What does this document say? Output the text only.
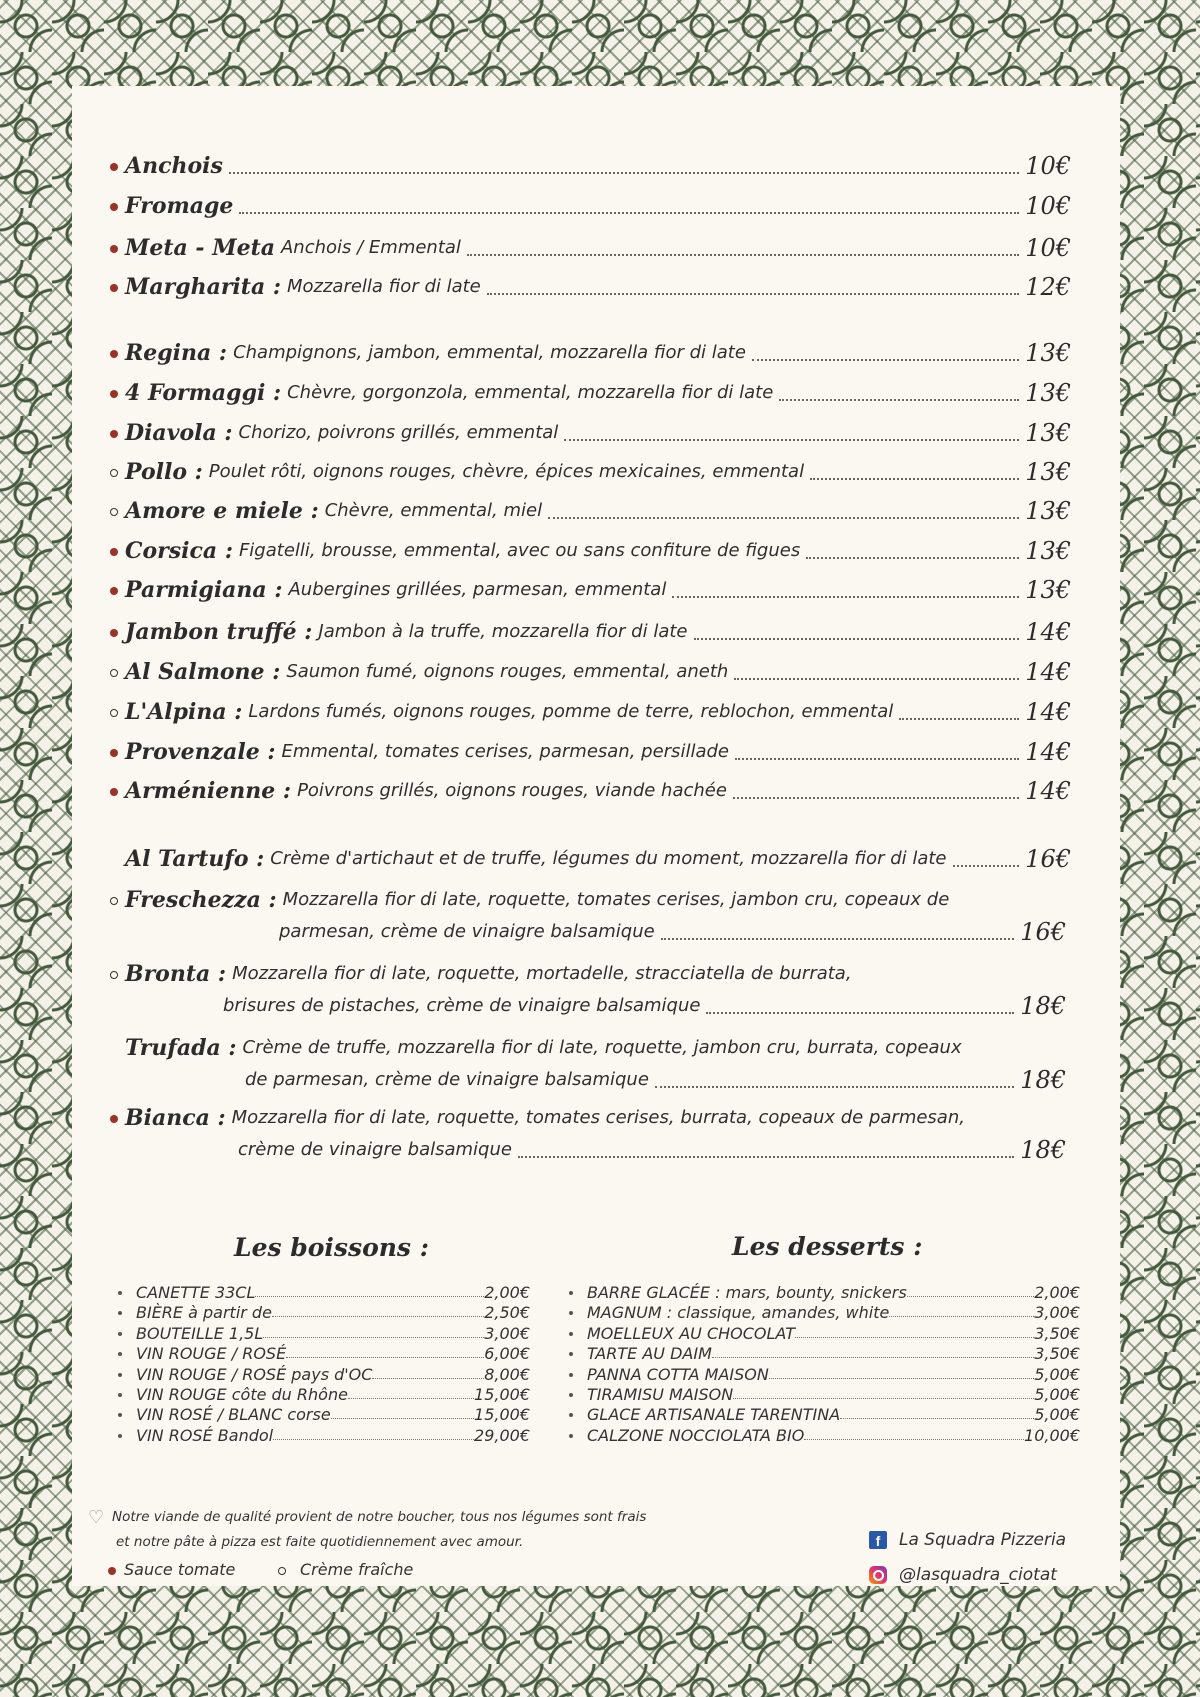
Les boissons :	Les desserts :
CANETTE 33CL	2,00€
BIÈRE à partir de	2,50€
BOUTEILLE 1,5L	3,00€
VIN ROUGE / ROSÉ	6,00€
VIN ROUGE / ROSÉ pays d'OC	8,00€
VIN ROUGE côte du Rhône	15,00€
VIN ROSÉ / BLANC corse	15,00€
VIN ROSÉ Bandol	29,00€
BARRE GLACÉE : mars, bounty, snickers	2,00€
MAGNUM : classique, amandes, white	3,00€
MOELLEUX AU CHOCOLAT	3,50€
TARTE AU DAIM	3,50€
PANNA COTTA MAISON	5,00€
TIRAMISU MAISON	5,00€
GLACE ARTISANALE TARENTINA	5,00€
CALZONE NOCCIOLATA BIO	10,00€
♡ Notre viande de qualité provient de notre boucher, tous nos légumes sont frais
et notre pâte à pizza est faite quotidiennement avec amour.
Sauce tomate	Crème fraîche
f	La Squadra Pizzeria
@lasquadra_ciotat
Anchois	10€
Fromage	10€
Meta - Meta Anchois / Emmental	10€
Margharita : Mozzarella fior di late	12€
Regina : Champignons, jambon, emmental, mozzarella fior di late	13€
4 Formaggi : Chèvre, gorgonzola, emmental, mozzarella fior di late	13€
Diavola : Chorizo, poivrons grillés, emmental	13€
Pollo : Poulet rôti, oignons rouges, chèvre, épices mexicaines, emmental	13€
Amore e miele : Chèvre, emmental, miel	13€
Corsica : Figatelli, brousse, emmental, avec ou sans confiture de figues	13€
Parmigiana : Aubergines grillées, parmesan, emmental	13€
Jambon truffé : Jambon à la truffe, mozzarella fior di late	14€
Al Salmone : Saumon fumé, oignons rouges, emmental, aneth	14€
L'Alpina : Lardons fumés, oignons rouges, pomme de terre, reblochon, emmental	14€
Provenzale : Emmental, tomates cerises, parmesan, persillade	14€
Arménienne : Poivrons grillés, oignons rouges, viande hachée	14€
Al Tartufo : Crème d'artichaut et de truffe, légumes du moment, mozzarella fior di late	16€
Freschezza : Mozzarella fior di late, roquette, tomates cerises, jambon cru, copeaux de
parmesan, crème de vinaigre balsamique	16€
Bronta : Mozzarella fior di late, roquette, mortadelle, stracciatella de burrata,
brisures de pistaches, crème de vinaigre balsamique	18€
Trufada : Crème de truffe, mozzarella fior di late, roquette, jambon cru, burrata, copeaux
de parmesan, crème de vinaigre balsamique	18€
Bianca : Mozzarella fior di late, roquette, tomates cerises, burrata, copeaux de parmesan,
crème de vinaigre balsamique	18€
